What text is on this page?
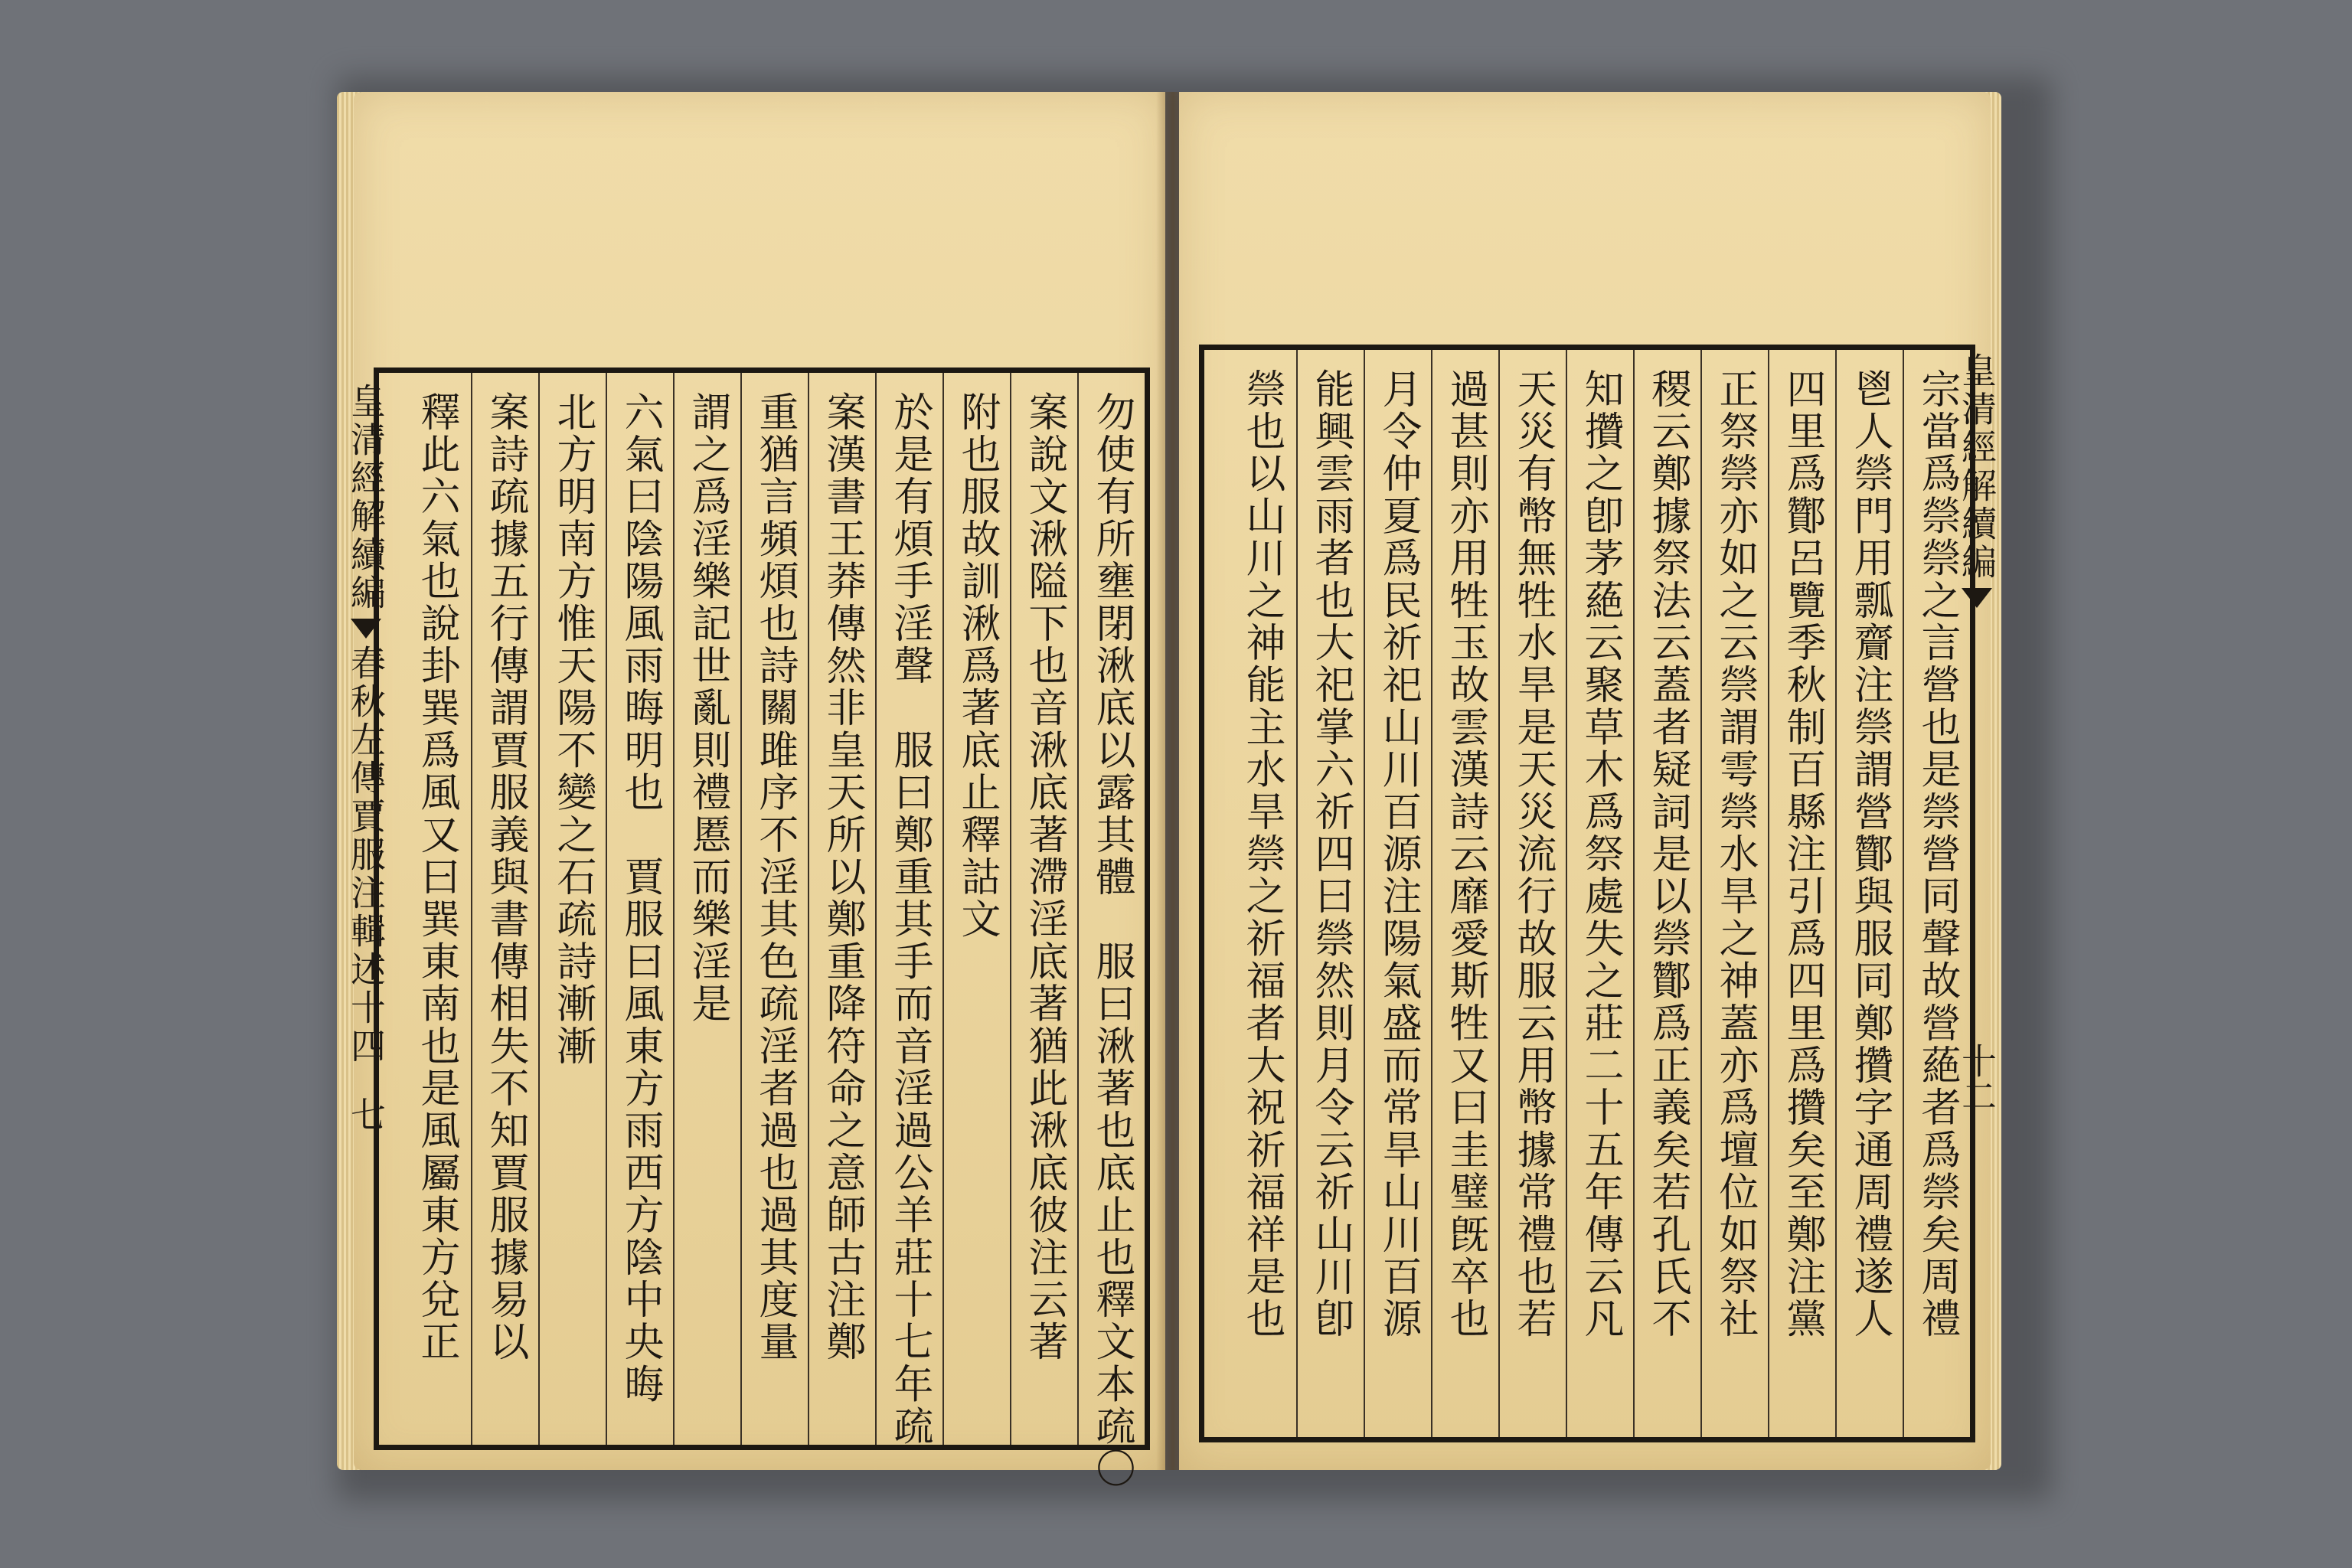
勿使有所壅閉湫底以露其體　服曰湫著也底止也釋文本疏〇
案說文湫隘下也音湫底著滯淫底著猶此湫底彼注云著
附也服故訓湫爲著底止釋詁文
於是有煩手淫聲　服曰鄭重其手而音淫過公羊莊十七年疏
案漢書王莽傳然非皇天所以鄭重降符命之意師古注鄭
重猶言頻煩也詩關雎序不淫其色疏淫者過也過其度量
謂之爲淫樂記世亂則禮慝而樂淫是
六氣曰陰陽風雨晦明也　賈服曰風東方雨西方陰中央晦
北方明南方惟天陽不變之石疏詩漸漸
案詩疏據五行傳謂賈服義與書傳相失不知賈服據易以
釋此六氣也說卦巽爲風又曰巽東南也是風屬東方兌正
皇清經解續編
春秋左傳賈服注輯述十四
七	宗當爲禜禜之言營也是禜營同聲故營蕝者爲禜矣周禮
鬯人禜門用瓢齎注禜謂營酇與服同鄭攢字通周禮遂人
四里爲酇呂覽季秋制百縣注引爲四里爲攢矣至鄭注黨
正祭禜亦如之云禜謂雩禜水旱之神蓋亦爲壇位如祭社
稷云鄭據祭法云蓋者疑詞是以禜酇爲正義矣若孔氏不
知攢之卽茅蕝云聚草木爲祭處失之莊二十五年傳云凡
天災有幣無牲水旱是天災流行故服云用幣據常禮也若
過甚則亦用牲玉故雲漢詩云靡愛斯牲又曰圭璧旣卒也
月令仲夏爲民祈祀山川百源注陽氣盛而常旱山川百源
能興雲雨者也大祀掌六祈四曰禜然則月令云祈山川卽
禜也以山川之神能主水旱禜之祈福者大祝祈福祥是也	皇清經解續編
十二
